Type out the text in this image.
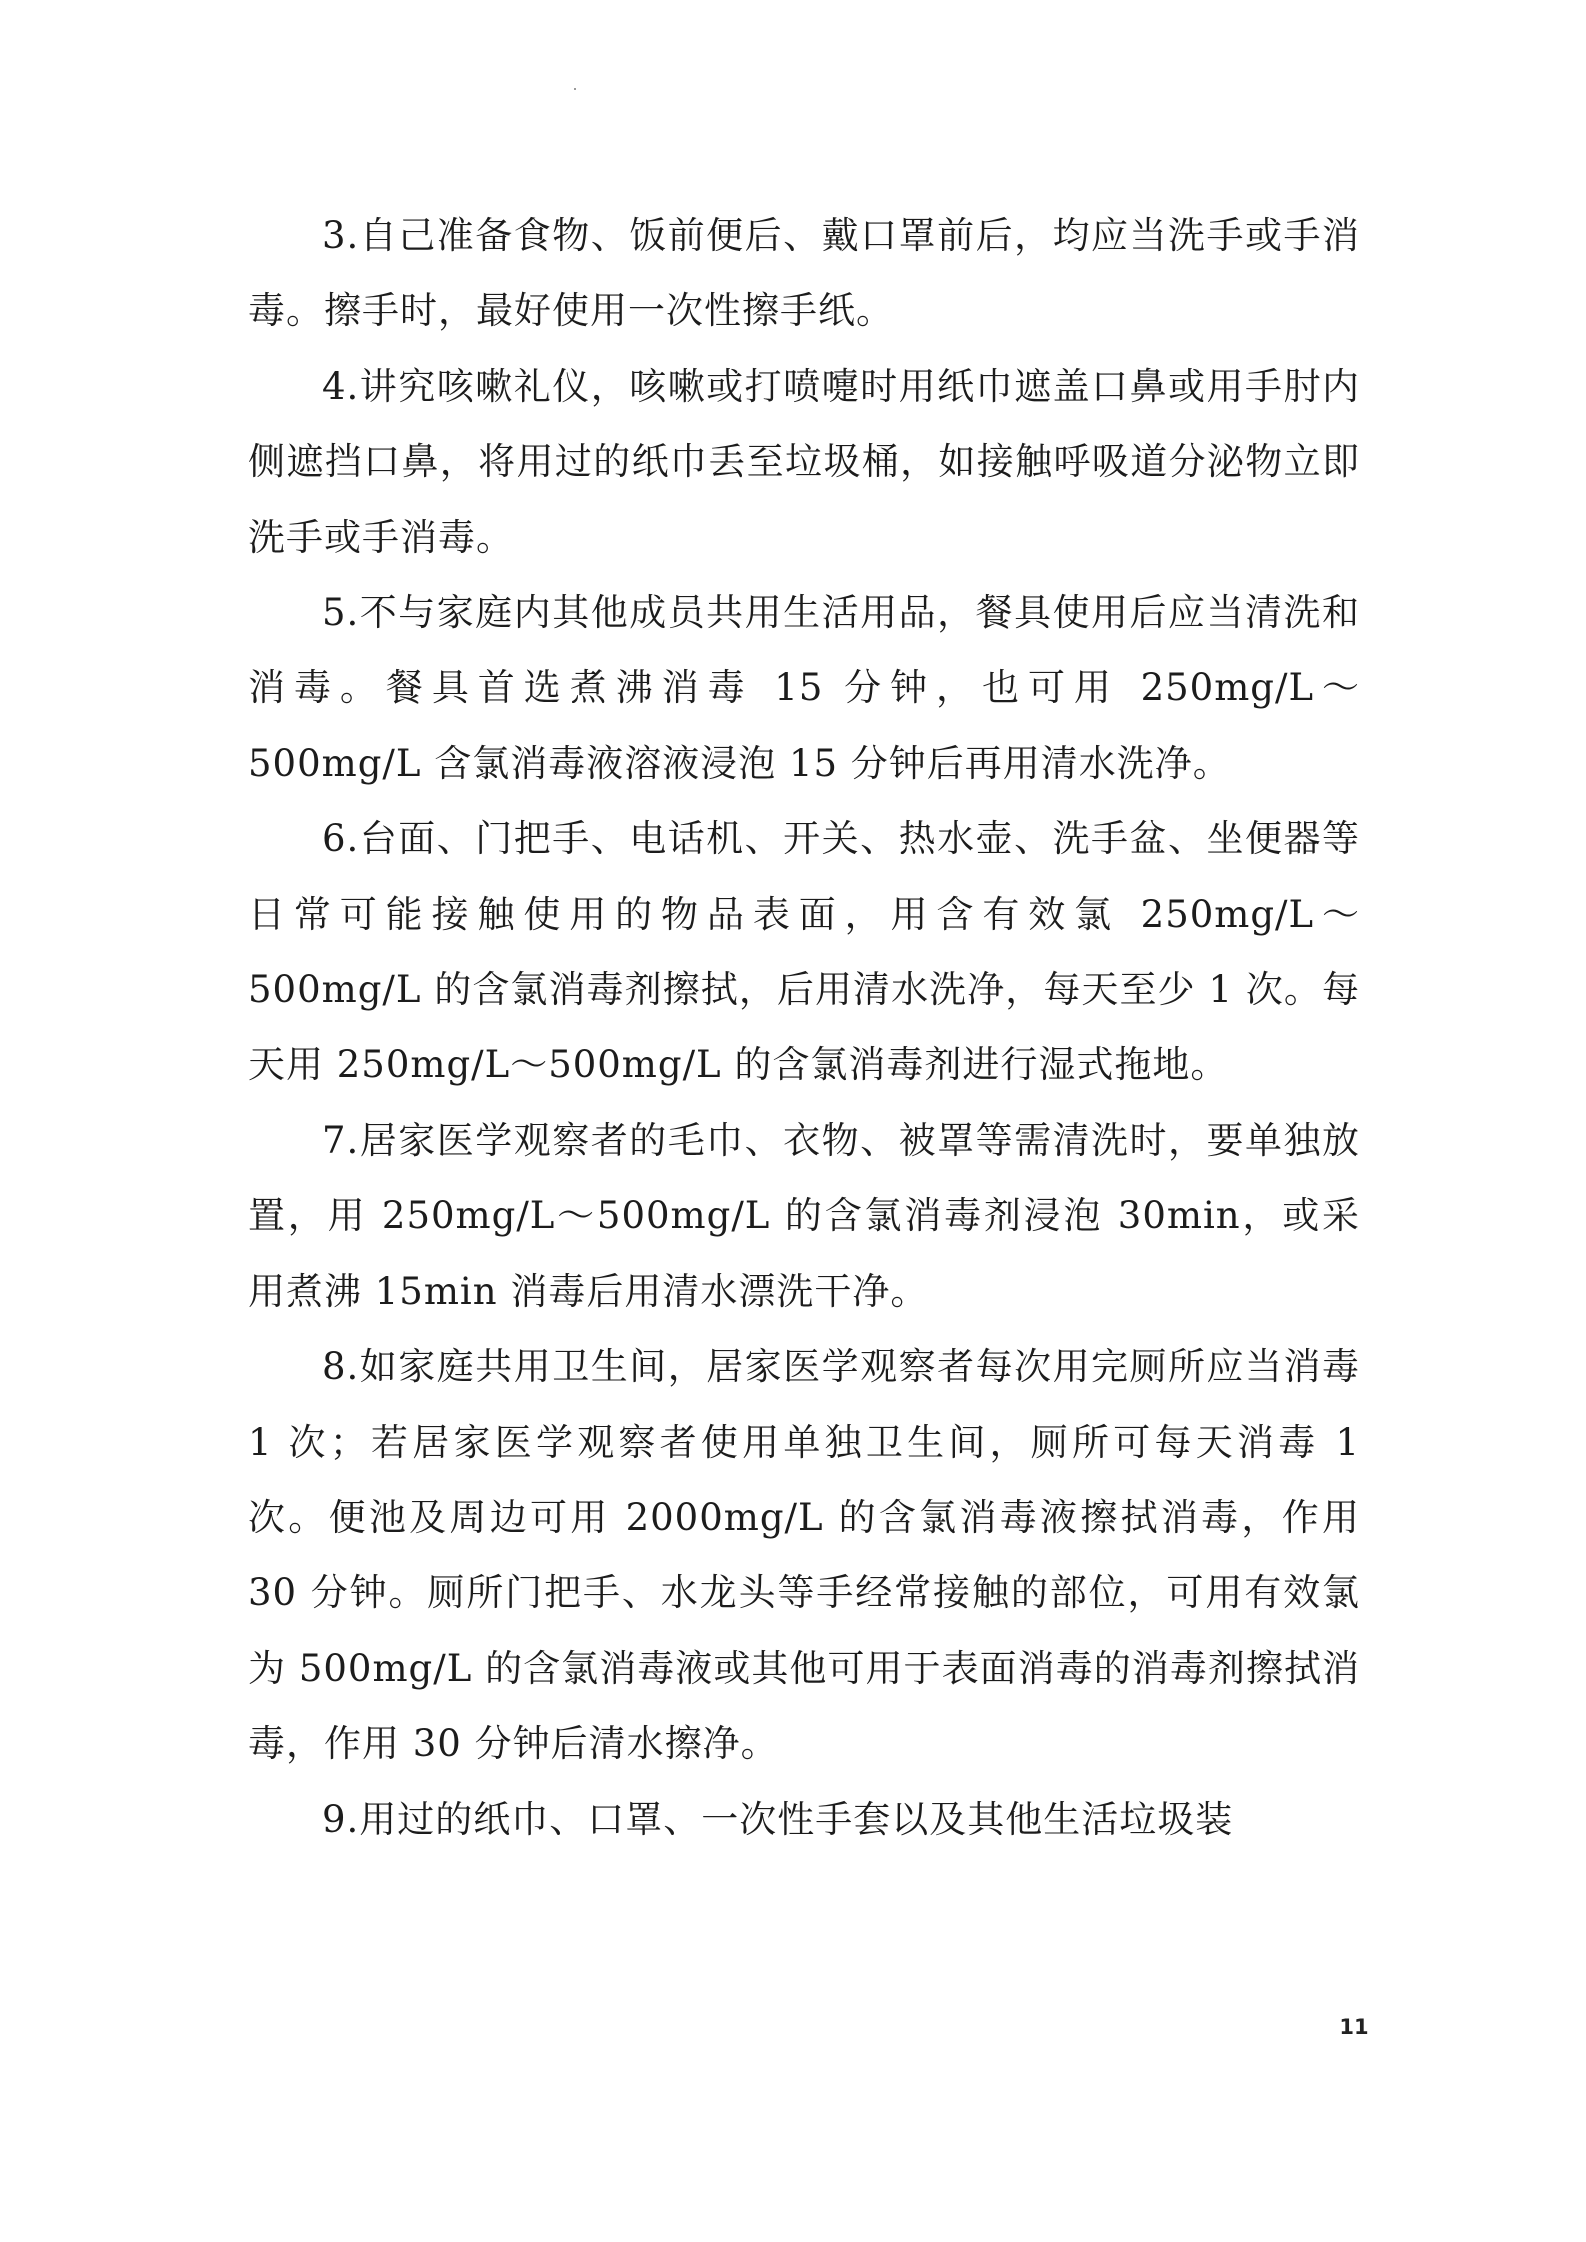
3.自己准备食物、饭前便后、戴口罩前后，均应当洗手或手消毒。擦手时，最好使用一次性擦手纸。

4.讲究咳嗽礼仪，咳嗽或打喷嚏时用纸巾遮盖口鼻或用手肘内侧遮挡口鼻，将用过的纸巾丢至垃圾桶，如接触呼吸道分泌物立即洗手或手消毒。

5.不与家庭内其他成员共用生活用品，餐具使用后应当清洗和消毒。餐具首选煮沸消毒 15 分钟，也可用 250mg/L～500mg/L 含氯消毒液溶液浸泡 15 分钟后再用清水洗净。

6.台面、门把手、电话机、开关、热水壶、洗手盆、坐便器等日常可能接触使用的物品表面，用含有效氯 250mg/L～500mg/L 的含氯消毒剂擦拭，后用清水洗净，每天至少 1 次。每天用 250mg/L～500mg/L 的含氯消毒剂进行湿式拖地。

7.居家医学观察者的毛巾、衣物、被罩等需清洗时，要单独放置，用 250mg/L～500mg/L 的含氯消毒剂浸泡 30min，或采用煮沸 15min 消毒后用清水漂洗干净。

8.如家庭共用卫生间，居家医学观察者每次用完厕所应当消毒 1 次；若居家医学观察者使用单独卫生间，厕所可每天消毒 1 次。便池及周边可用 2000mg/L 的含氯消毒液擦拭消毒，作用 30 分钟。厕所门把手、水龙头等手经常接触的部位，可用有效氯为 500mg/L 的含氯消毒液或其他可用于表面消毒的消毒剂擦拭消毒，作用 30 分钟后清水擦净。

9.用过的纸巾、口罩、一次性手套以及其他生活垃圾装

11
